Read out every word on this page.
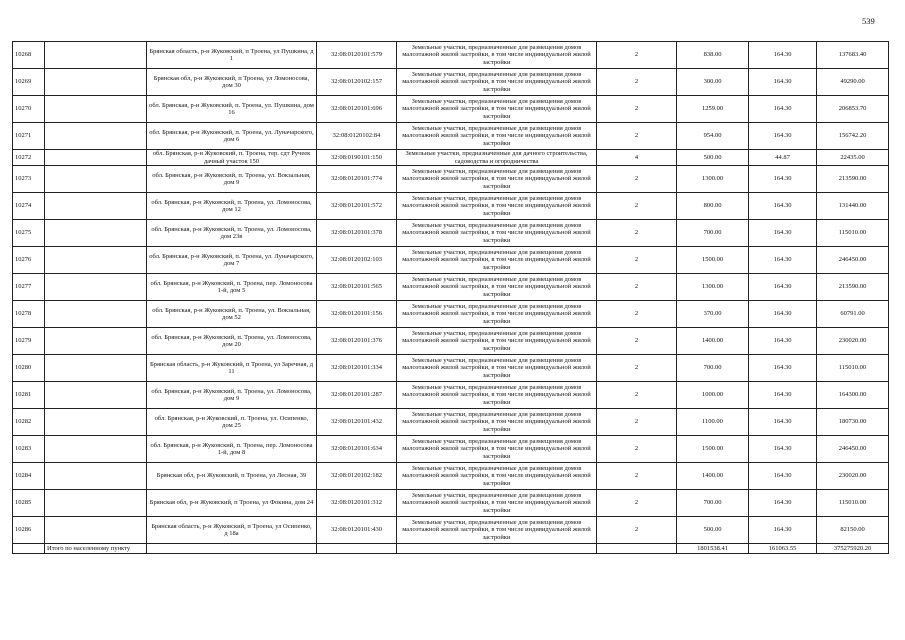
539
10268		Брянская область, р-н Жуковский, п Троена, ул Пушкина, д 1	32:08:0120101:579	Земельные участки, предназначенные для размещения домов малоэтажной жилой застройки, в том числе индивидуальной жилой застройки	2	838.00	164.30	137683.40
10269		Брянская обл, р-н Жуковский, п Троена, ул Ломоносова, дом 30	32:08:0120102:157	Земельные участки, предназначенные для размещения домов малоэтажной жилой застройки, в том числе индивидуальной жилой застройки	2	300.00	164.30	49290.00
10270		обл. Брянская, р-н Жуковский, п. Троена, ул. Пушкина, дом 16	32:08:0120101:696	Земельные участки, предназначенные для размещения домов малоэтажной жилой застройки, в том числе индивидуальной жилой застройки	2	1259.00	164.30	206853.70
10271		обл. Брянская, р-н Жуковский, п. Троена, ул. Луначарского, дом 6	32:08:0120102:84	Земельные участки, предназначенные для размещения домов малоэтажной жилой застройки, в том числе индивидуальной жилой застройки	2	954.00	164.30	156742.20
10272		обл. Брянская, р-н Жуковский, п. Троена, тер. сдт Ручеек дачный участок 150	32:08:0190101:150	Земельные участки, предназначенные для дачного строительства, садоводства и огородничества	4	500.00	44.87	22435.00
10273		обл. Брянская, р-н Жуковский, п. Троена, ул. Вокзальная, дом 9	32:08:0120101:774	Земельные участки, предназначенные для размещения домов малоэтажной жилой застройки, в том числе индивидуальной жилой застройки	2	1300.00	164.30	213590.00
10274		обл. Брянская, р-н Жуковский, п. Троена, ул. Ломоносова, дом 12	32:08:0120101:572	Земельные участки, предназначенные для размещения домов малоэтажной жилой застройки, в том числе индивидуальной жилой застройки	2	800.00	164.30	131440.00
10275		обл. Брянская, р-н Жуковский, п. Троена, ул. Ломоносова, дом 23в	32:08:0120101:378	Земельные участки, предназначенные для размещения домов малоэтажной жилой застройки, в том числе индивидуальной жилой застройки	2	700.00	164.30	115010.00
10276		обл. Брянская, р-н Жуковский, п. Троена, ул. Луначарского, дом 7	32:08:0120102:103	Земельные участки, предназначенные для размещения домов малоэтажной жилой застройки, в том числе индивидуальной жилой застройки	2	1500.00	164.30	246450.00
10277		обл. Брянская, р-н Жуковский, п. Троена, пер. Ломоносова 1-й, дом 5	32:08:0120101:565	Земельные участки, предназначенные для размещения домов малоэтажной жилой застройки, в том числе индивидуальной жилой застройки	2	1300.00	164.30	213590.00
10278		обл. Брянская, р-н Жуковский, п. Троена, ул. Вокзальная, дом 52	32:08:0120101:156	Земельные участки, предназначенные для размещения домов малоэтажной жилой застройки, в том числе индивидуальной жилой застройки	2	370.00	164.30	60791.00
10279		обл. Брянская, р-н Жуковский, п. Троена, ул. Ломоносова, дом 20	32:08:0120101:376	Земельные участки, предназначенные для размещения домов малоэтажной жилой застройки, в том числе индивидуальной жилой застройки	2	1400.00	164.30	230020.00
10280		Брянская область, р-н Жуковский, п Троена, ул Заречная, д 11	32:08:0120101:334	Земельные участки, предназначенные для размещения домов малоэтажной жилой застройки, в том числе индивидуальной жилой застройки	2	700.00	164.30	115010.00
10281		обл. Брянская, р-н Жуковский, п. Троена, ул. Ломоносова, дом 9	32:08:0120101:287	Земельные участки, предназначенные для размещения домов малоэтажной жилой застройки, в том числе индивидуальной жилой застройки	2	1000.00	164.30	164300.00
10282		обл. Брянская, р-н Жуковский, п. Троена, ул. Осипенко, дом 25	32:08:0120101:432	Земельные участки, предназначенные для размещения домов малоэтажной жилой застройки, в том числе индивидуальной жилой застройки	2	1100.00	164.30	180730.00
10283		обл. Брянская, р-н Жуковский, п. Троена, пер. Ломоносова 1-й, дом 8	32:08:0120101:634	Земельные участки, предназначенные для размещения домов малоэтажной жилой застройки, в том числе индивидуальной жилой застройки	2	1500.00	164.30	246450.00
10284		Брянская обл, р-н Жуковский, п Троена, ул Лесная, 39	32:08:0120102:182	Земельные участки, предназначенные для размещения домов малоэтажной жилой застройки, в том числе индивидуальной жилой застройки	2	1400.00	164.30	230020.00
10285		Брянская обл, р-н Жуковский, п Троена, ул Фокина, дом 24	32:08:0120101:312	Земельные участки, предназначенные для размещения домов малоэтажной жилой застройки, в том числе индивидуальной жилой застройки	2	700.00	164.30	115010.00
10286		Брянская область, р-н Жуковский, п Троена, ул Осипенко, д 18а	32:08:0120101:430	Земельные участки, предназначенные для размещения домов малоэтажной жилой застройки, в том числе индивидуальной жилой застройки	2	500.00	164.30	82150.00
	Итого по населенному пункту					1801538.41	161063.55	375275920.20
